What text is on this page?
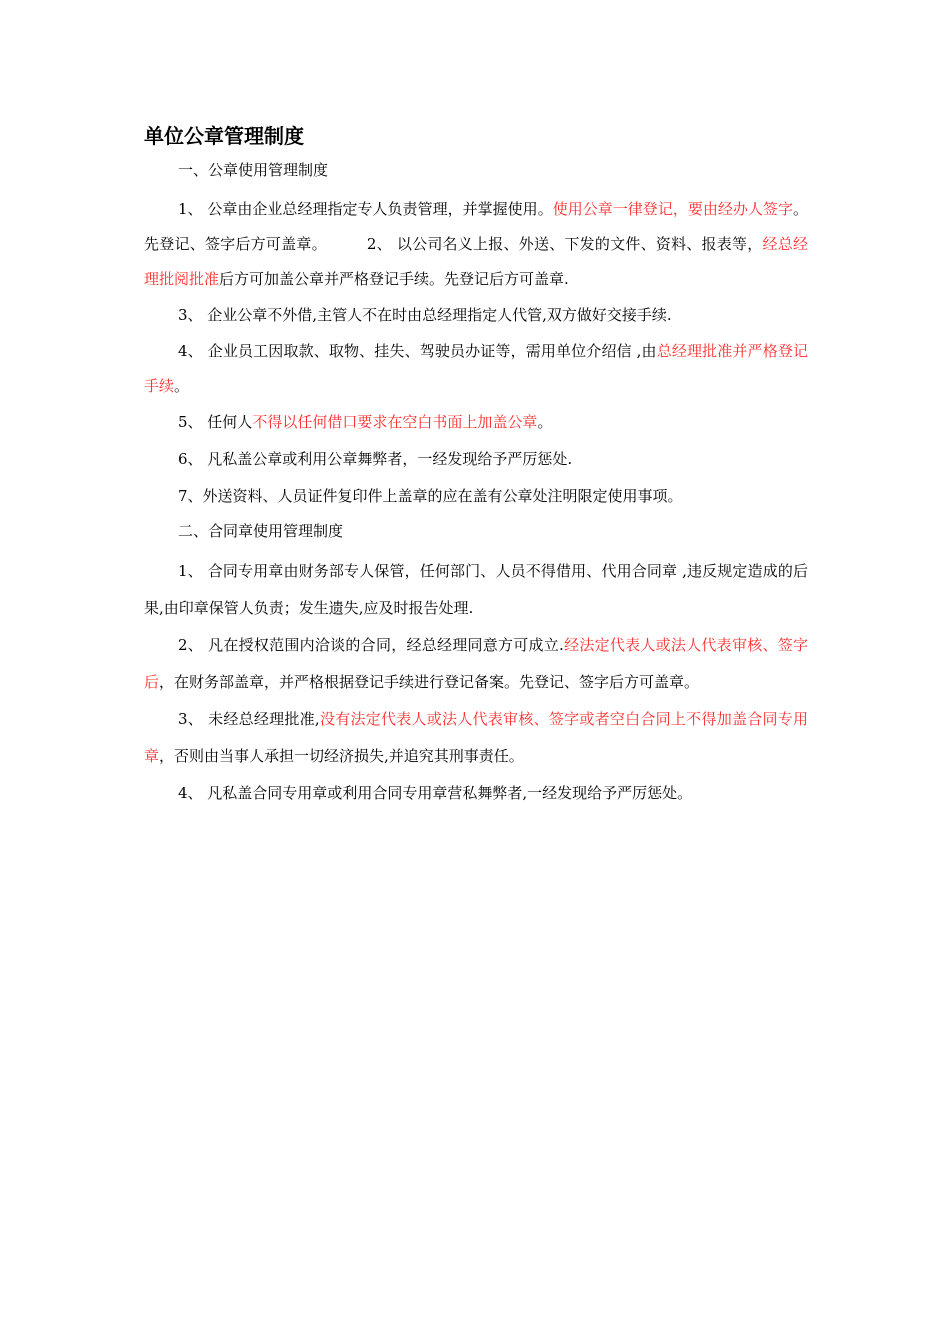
单位公章管理制度
一、公章使用管理制度

1、 公章由企业总经理指定专人负责管理，并掌握使用。使用公章一律登记，要由经办人签字。先登记、签字后方可盖章。	2、 以公司名义上报、外送、下发的文件、资料、报表等，经总经理批阅批准后方可加盖公章并严格登记手续。先登记后方可盖章.

3、 企业公章不外借,主管人不在时由总经理指定人代管,双方做好交接手续.

4、 企业员工因取款、取物、挂失、驾驶员办证等，需用单位介绍信 ,由总经理批准并严格登记手续。

5、 任何人不得以任何借口要求在空白书面上加盖公章。

6、 凡私盖公章或利用公章舞弊者，一经发现给予严厉惩处.

7、外送资料、人员证件复印件上盖章的应在盖有公章处注明限定使用事项。

二、合同章使用管理制度

1、 合同专用章由财务部专人保管，任何部门、人员不得借用、代用合同章 ,违反规定造成的后果,由印章保管人负责；发生遗失,应及时报告处理.

2、 凡在授权范围内洽谈的合同，经总经理同意方可成立.经法定代表人或法人代表审核、签字后，在财务部盖章，并严格根据登记手续进行登记备案。先登记、签字后方可盖章。

3、 未经总经理批准,没有法定代表人或法人代表审核、签字或者空白合同上不得加盖合同专用章，否则由当事人承担一切经济损失,并追究其刑事责任。

4、 凡私盖合同专用章或利用合同专用章营私舞弊者,一经发现给予严厉惩处。
